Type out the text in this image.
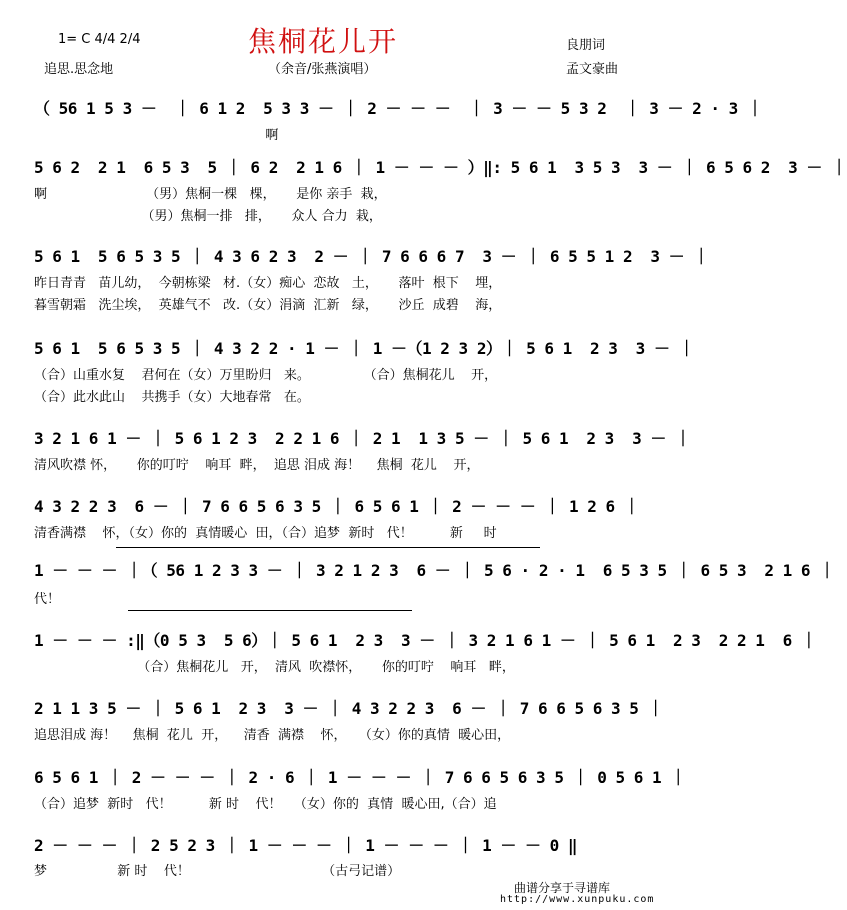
1= C 4/4 2/4	焦桐花儿开	良朋词
追思.思念地	（余音/张燕演唱）	孟文豪曲
（ 56 1 5 3 －  ｜ 6 1 2  5 3 3 － ｜ 2 － － －  ｜ 3 － － 5 3 2  ｜ 3 － 2 · 3 ｜
啊
5 6 2  2 1  6 5 3  5 ｜ 6 2  2 1 6 ｜ 1 － － － ）‖: 5 6 1  3 5 3  3 － ｜ 6 5 6 2  3 － ｜
啊                        （男）焦桐一棵   棵，     是你 亲手  栽，
（男）焦桐一排   排，     众人 合力  栽，
5 6 1  5 6 5 3 5 ｜ 4 3 6 2 3  2 － ｜ 7 6 6 6 7  3 － ｜ 6 5 5 1 2  3 － ｜
昨日青青   苗儿幼，  今朝栋梁   材.（女）痴心  恋故   土，     落叶  根下    埋，
暮雪朝霜   洗尘埃，  英雄气不   改.（女）涓滴  汇新   绿，     沙丘  成碧    海，
5 6 1  5 6 5 3 5 ｜ 4 3 2 2 · 1 － ｜ 1 －（1 2 3 2）｜ 5 6 1  2 3  3 － ｜
（合）山重水复    君何在（女）万里盼归   来。             （合）焦桐花儿    开，
（合）此水此山    共携手（女）大地春常   在。
3 2 1 6 1 － ｜ 5 6 1 2 3  2 2 1 6 ｜ 2 1  1 3 5 － ｜ 5 6 1  2 3  3 － ｜
清风吹襟 怀，     你的叮咛    响耳  畔，  追思 泪成 海！    焦桐  花儿    开，
4 3 2 2 3  6 － ｜ 7 6 6 5 6 3 5 ｜ 6 5 6 1 ｜ 2 － － － ｜ 1 2 6 ｜
清香满襟    怀，（女）你的  真情暖心  田，（合）追梦  新时   代！         新     时
1 － － － ｜（ 56 1 2 3 3 － ｜ 3 2 1 2 3  6 － ｜ 5 6 · 2 · 1  6 5 3 5 ｜ 6 5 3  2 1 6 ｜
代！
1 － － － :‖（0 5 3  5 6）｜ 5 6 1  2 3  3 － ｜ 3 2 1 6 1 － ｜ 5 6 1  2 3  2 2 1  6 ｜
（合）焦桐花儿   开，  清风  吹襟怀，     你的叮咛    响耳   畔，
2 1 1 3 5 － ｜ 5 6 1  2 3  3 － ｜ 4 3 2 2 3  6 － ｜ 7 6 6 5 6 3 5 ｜
追思泪成 海！    焦桐  花儿  开，    清香  满襟    怀，   （女）你的真情  暖心田，
6 5 6 1 ｜ 2 － － － ｜ 2 · 6 ｜ 1 － － － ｜ 7 6 6 5 6 3 5 ｜ 0 5 6 1 ｜
（合）追梦  新时   代！         新 时    代！   （女）你的  真情  暖心田,（合）追
2 － － － ｜ 2 5 2 3 ｜ 1 － － － ｜ 1 － － － ｜ 1 － － 0 ‖
梦                 新 时    代！                                （古弓记谱）
曲谱分享于寻谱库
http://www.xunpuku.com
